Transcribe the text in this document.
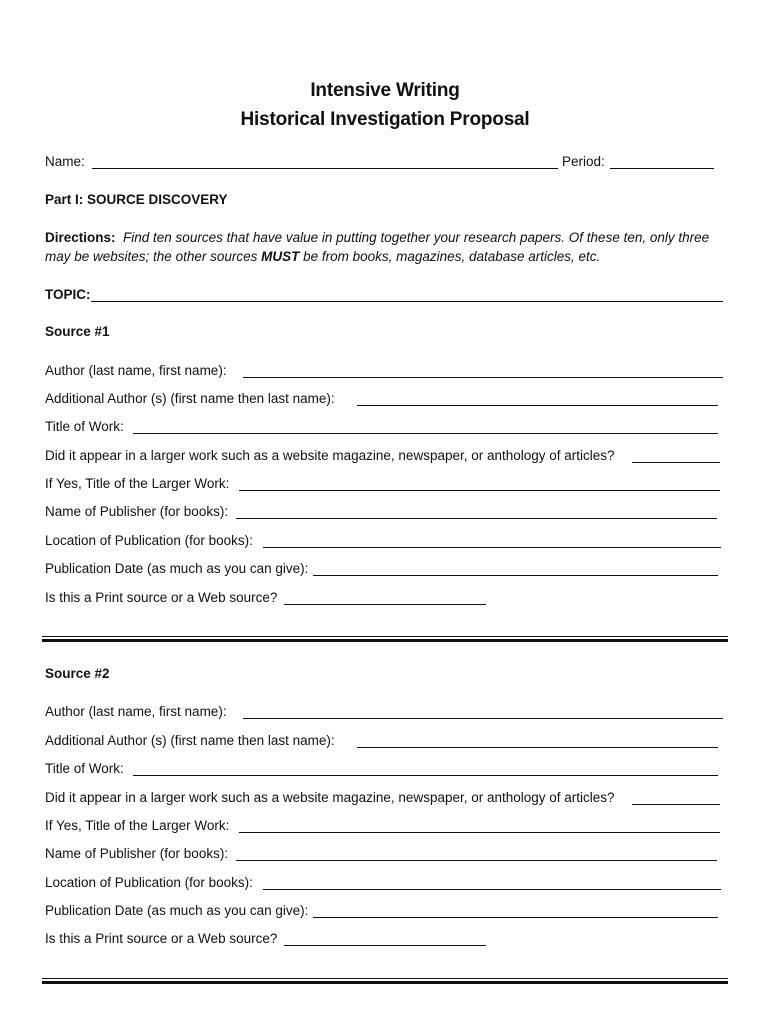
Intensive Writing
Historical Investigation Proposal
Name:	Period:
Part I: SOURCE DISCOVERY
Directions: Find ten sources that have value in putting together your research papers. Of these ten, only three may be websites; the other sources MUST be from books, magazines, database articles, etc.
TOPIC:
Source #1
Author (last name, first name):
Additional Author (s) (first name then last name):
Title of Work:
Did it appear in a larger work such as a website magazine, newspaper, or anthology of articles?
If Yes, Title of the Larger Work:
Name of Publisher (for books):
Location of Publication (for books):
Publication Date (as much as you can give):
Is this a Print source or a Web source?
Source #2
Author (last name, first name):
Additional Author (s) (first name then last name):
Title of Work:
Did it appear in a larger work such as a website magazine, newspaper, or anthology of articles?
If Yes, Title of the Larger Work:
Name of Publisher (for books):
Location of Publication (for books):
Publication Date (as much as you can give):
Is this a Print source or a Web source?
